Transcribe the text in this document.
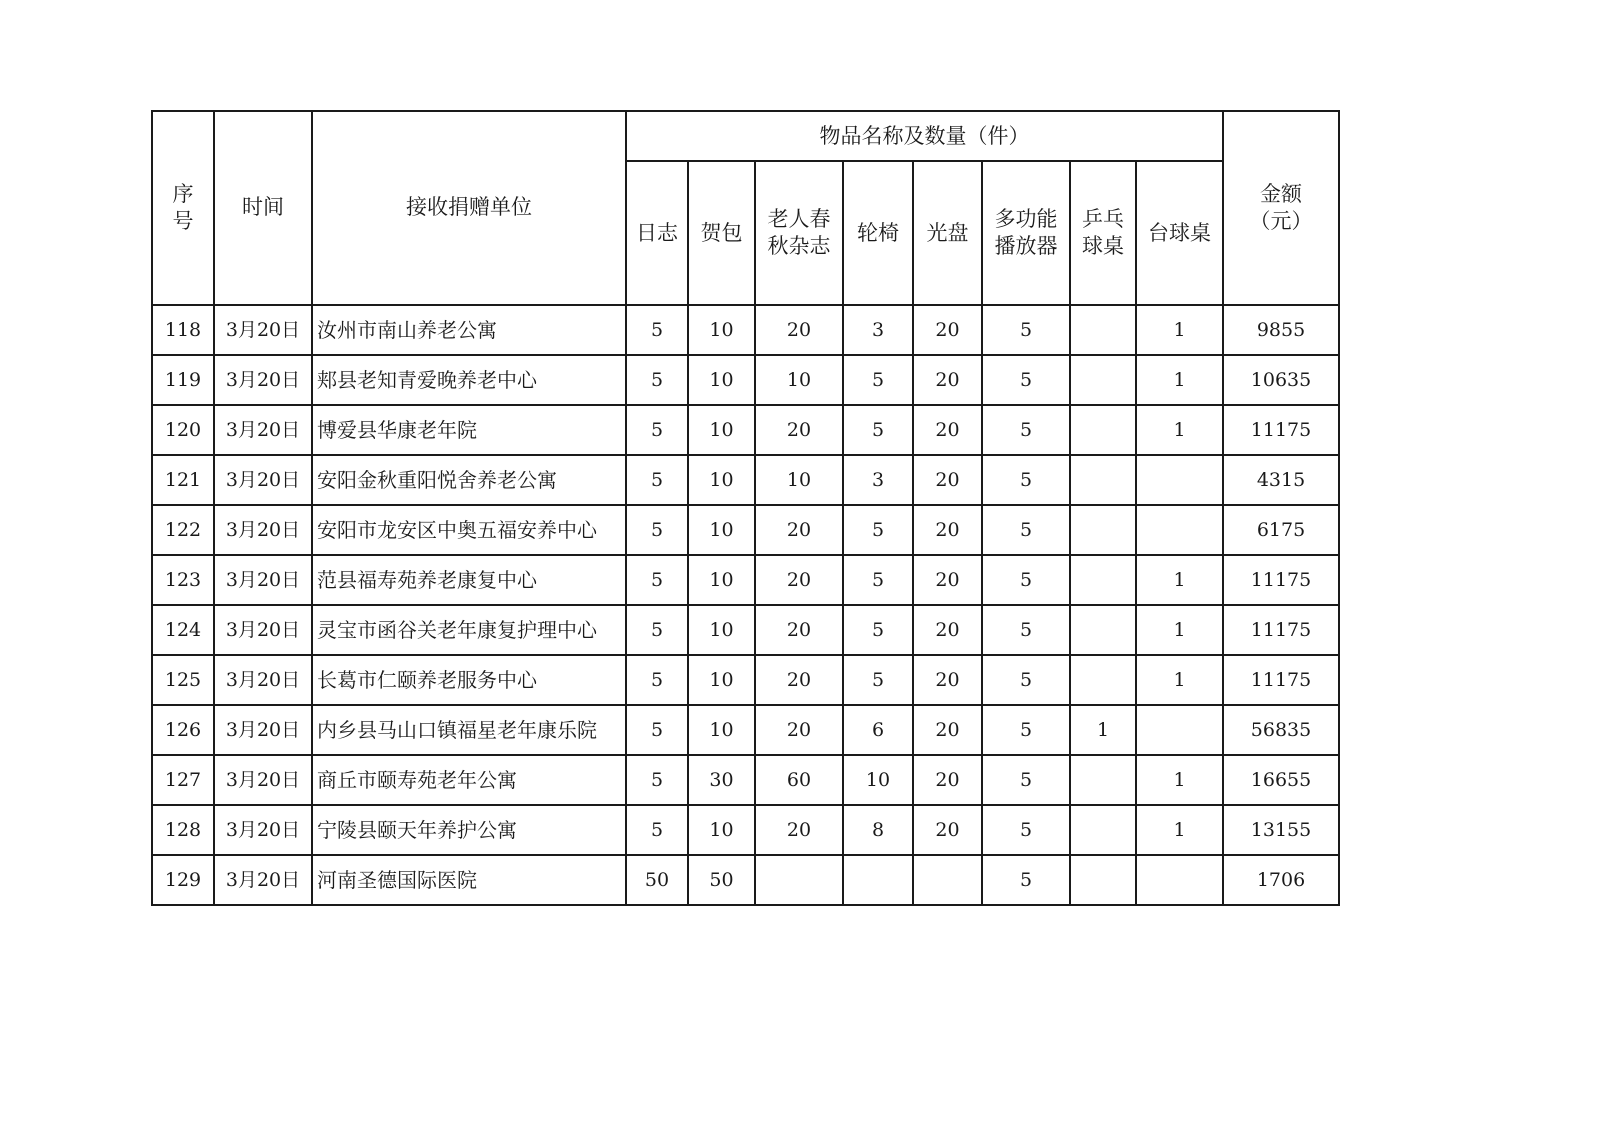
序号	时间	接收捐赠单位	物品名称及数量（件）								金额（元）
			日志	贺包	老人春秋杂志	轮椅	光盘	多功能播放器	乒乓球桌	台球桌	
118	3月20日	汝州市南山养老公寓	5	10	20	3	20	5		1	9855
119	3月20日	郏县老知青爱晚养老中心	5	10	10	5	20	5		1	10635
120	3月20日	博爱县华康老年院	5	10	20	5	20	5		1	11175
121	3月20日	安阳金秋重阳悦舍养老公寓	5	10	10	3	20	5			4315
122	3月20日	安阳市龙安区中奥五福安养中心	5	10	20	5	20	5			6175
123	3月20日	范县福寿苑养老康复中心	5	10	20	5	20	5		1	11175
124	3月20日	灵宝市函谷关老年康复护理中心	5	10	20	5	20	5		1	11175
125	3月20日	长葛市仁颐养老服务中心	5	10	20	5	20	5		1	11175
126	3月20日	内乡县马山口镇福星老年康乐院	5	10	20	6	20	5	1		56835
127	3月20日	商丘市颐寿苑老年公寓	5	30	60	10	20	5		1	16655
128	3月20日	宁陵县颐天年养护公寓	5	10	20	8	20	5		1	13155
129	3月20日	河南圣德国际医院	50	50				5			1706
